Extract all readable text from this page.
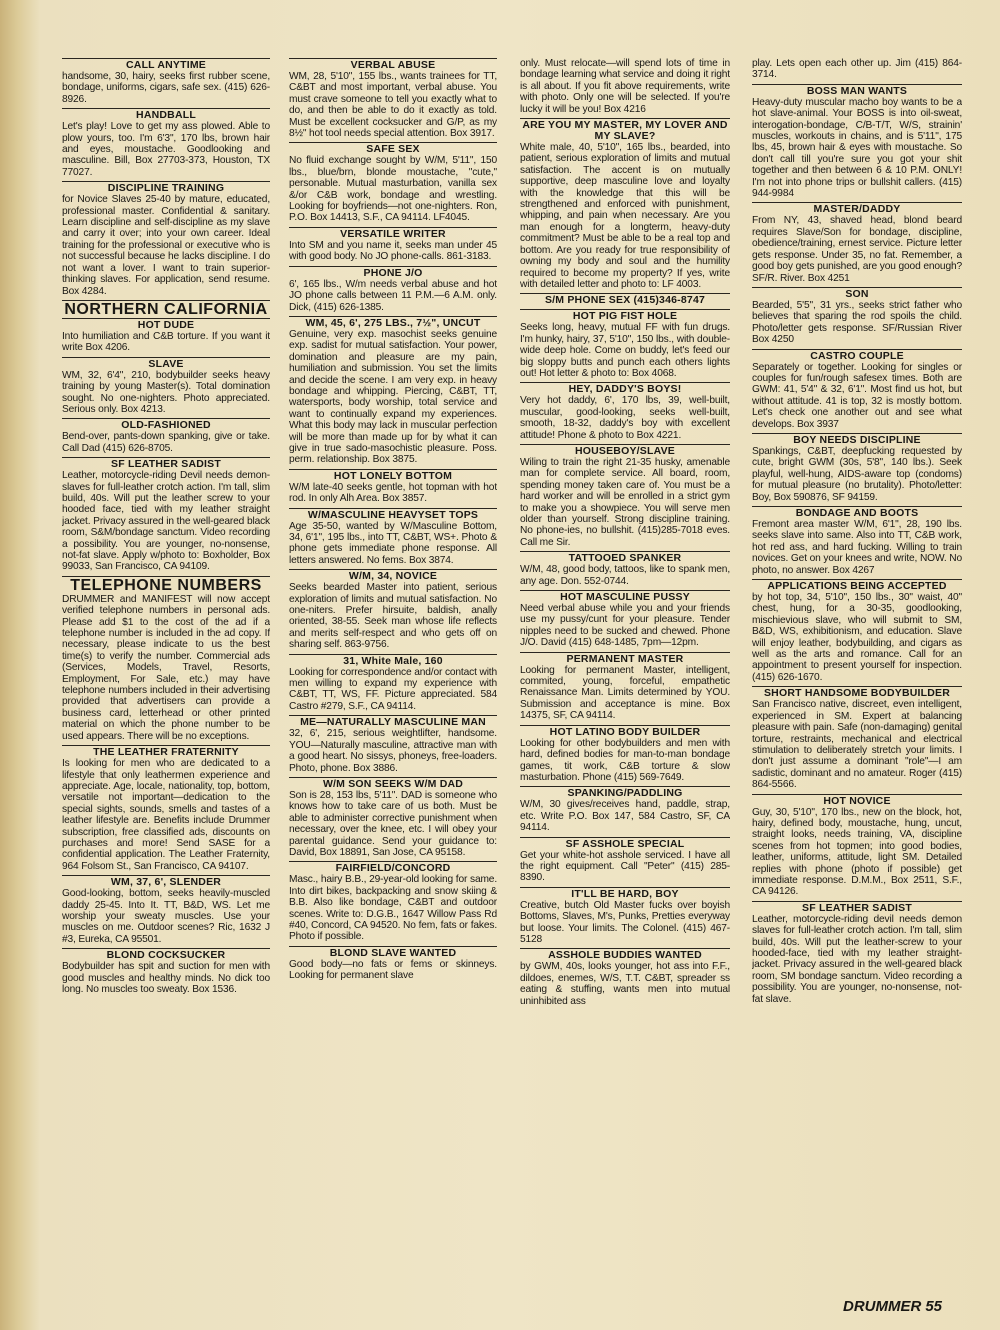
CALL ANYTIME
handsome, 30, hairy, seeks first rubber scene, bondage, uniforms, cigars, safe sex. (415) 626-8926.
HANDBALL
Let's play! Love to get my ass plowed. Able to plow yours, too. I'm 6'3", 170 lbs, brown hair and eyes, moustache. Goodlooking and masculine. Bill, Box 27703-373, Houston, TX 77027.
DISCIPLINE TRAINING
for Novice Slaves 25-40 by mature, educated, professional master. Confidential & sanitary. Learn discipline and self-discipline as my slave and carry it over; into your own career. Ideal training for the professional or executive who is not successful because he lacks discipline. I do not want a lover. I want to train superior-thinking slaves. For application, send resume. Box 4284.
NORTHERN CALIFORNIA
HOT DUDE
Into humiliation and C&B torture. If you want it write Box 4206.
SLAVE
WM, 32, 6'4", 210, bodybuilder seeks heavy training by young Master(s). Total domination sought. No one-nighters. Photo appreciated. Serious only. Box 4213.
OLD-FASHIONED
Bend-over, pants-down spanking, give or take. Call Dad (415) 626-8705.
SF LEATHER SADIST
Leather, motorcycle-riding Devil needs demon-slaves for full-leather crotch action. I'm tall, slim build, 40s. Will put the leather screw to your hooded face, tied with my leather straight jacket. Privacy assured in the well-geared black room, S&M/bondage sanctum. Video recording a possibility. You are younger, no-nonsense, not-fat slave. Apply w/photo to: Boxholder, Box 99033, San Francisco, CA 94109.
TELEPHONE NUMBERS
DRUMMER and MANIFEST will now accept verified telephone numbers in personal ads. Please add $1 to the cost of the ad if a telephone number is included in the ad copy. If necessary, please indicate to us the best time(s) to verify the number. Commercial ads (Services, Models, Travel, Resorts, Employment, For Sale, etc.) may have telephone numbers included in their advertising provided that advertisers can provide a business card, letterhead or other printed material on which the phone number to be used appears. There will be no exceptions.
THE LEATHER FRATERNITY
Is looking for men who are dedicated to a lifestyle that only leathermen experience and appreciate. Age, locale, nationality, top, bottom, versatile not important—dedication to the special sights, sounds, smells and tastes of a leather lifestyle are. Benefits include Drummer subscription, free classified ads, discounts on purchases and more! Send SASE for a confidential application. The Leather Fraternity, 964 Folsom St., San Francisco, CA 94107.
WM, 37, 6', SLENDER
Good-looking, bottom, seeks heavily-muscled daddy 25-45. Into It. TT, B&D, WS. Let me worship your sweaty muscles. Use your muscles on me. Outdoor scenes? Ric, 1632 J #3, Eureka, CA 95501.
BLOND COCKSUCKER
Bodybuilder has spit and suction for men with good muscles and healthy minds. No dick too long. No muscles too sweaty. Box 1536.
VERBAL ABUSE
WM, 28, 5'10", 155 lbs., wants trainees for TT, C&BT and most important, verbal abuse. You must crave someone to tell you exactly what to do, and then be able to do it exactly as told. Must be excellent cocksucker and G/P, as my 8½" hot tool needs special attention. Box 3917.
SAFE SEX
No fluid exchange sought by W/M, 5'11", 150 lbs., blue/brn, blonde moustache, "cute," personable. Mutual masturbation, vanilla sex &/or C&B work, bondage and wrestling. Looking for boyfriends—not one-nighters. Ron, P.O. Box 14413, S.F., CA 94114. LF4045.
VERSATILE WRITER
Into SM and you name it, seeks man under 45 with good body. No JO phone-calls. 861-3183.
PHONE J/O
6', 165 lbs., W/m needs verbal abuse and hot JO phone calls between 11 P.M.—6 A.M. only. Dick, (415) 626-1385.
WM, 45, 6', 275 LBS., 7½", UNCUT
Genuine, very exp. masochist seeks genuine exp. sadist for mutual satisfaction. Your power, domination and pleasure are my pain, humiliation and submission. You set the limits and decide the scene. I am very exp. in heavy bondage and whipping. Piercing, C&BT, TT, watersports, body worship, total service and want to continually expand my experiences. What this body may lack in muscular perfection will be more than made up for by what it can give in true sado-masochistic pleasure. Poss. perm. relationship. Box 3875.
HOT LONELY BOTTOM
W/M late-40 seeks gentle, hot topman with hot rod. In only Alh Area. Box 3857.
W/MASCULINE HEAVYSET TOPS
Age 35-50, wanted by W/Masculine Bottom, 34, 6'1", 195 lbs., into TT, C&BT, WS+. Photo & phone gets immediate phone response. All letters answered. No fems. Box 3874.
W/M, 34, NOVICE
Seeks bearded Master into patient, serious exploration of limits and mutual satisfaction. No one-niters. Prefer hirsuite, baldish, anally oriented, 38-55. Seek man whose life reflects and merits self-respect and who gets off on sharing self. 863-9756.
31, White Male, 160
Looking for correspondence and/or contact with men willing to expand my experience with C&BT, TT, WS, FF. Picture appreciated. 584 Castro #279, S.F., CA 94114.
ME—NATURALLY MASCULINE MAN
32, 6', 215, serious weightlifter, handsome. YOU—Naturally masculine, attractive man with a good heart. No sissys, phoneys, free-loaders. Photo, phone. Box 3886.
W/M SON SEEKS W/M DAD
Son is 28, 153 lbs, 5'11". DAD is someone who knows how to take care of us both. Must be able to administer corrective punishment when necessary, over the knee, etc. I will obey your parental guidance. Send your guidance to: David, Box 18891, San Jose, CA 95158.
FAIRFIELD/CONCORD
Masc., hairy B.B., 29-year-old looking for same. Into dirt bikes, backpacking and snow skiing & B.B. Also like bondage, C&BT and outdoor scenes. Write to: D.G.B., 1647 Willow Pass Rd #40, Concord, CA 94520. No fem, fats or fakes. Photo if possible.
BLOND SLAVE WANTED
Good body—no fats or fems or skinneys. Looking for permanent slave
only. Must relocate—will spend lots of time in bondage learning what service and doing it right is all about. If you fit above requirements, write with photo. Only one will be selected. If you're lucky it will be you! Box 4216
ARE YOU MY MASTER, MY LOVER AND MY SLAVE?
White male, 40, 5'10", 165 lbs., bearded, into patient, serious exploration of limits and mutual satisfaction. The accent is on mutually supportive, deep masculine love and loyalty with the knowledge that this will be strengthened and enforced with punishment, whipping, and pain when necessary. Are you man enough for a longterm, heavy-duty commitment? Must be able to be a real top and bottom. Are you ready for true responsibility of owning my body and soul and the humility required to become my property? If yes, write with detailed letter and photo to: LF 4003.
S/M PHONE SEX (415)346-8747
HOT PIG FIST HOLE
Seeks long, heavy, mutual FF with fun drugs. I'm hunky, hairy, 37, 5'10", 150 lbs., with double-wide deep hole. Come on buddy, let's feed our big sloppy butts and punch each others lights out! Hot letter & photo to: Box 4068.
HEY, DADDY'S BOYS!
Very hot daddy, 6', 170 lbs, 39, well-built, muscular, good-looking, seeks well-built, smooth, 18-32, daddy's boy with excellent attitude! Phone & photo to Box 4221.
HOUSEBOY/SLAVE
Wiling to train the right 21-35 husky, amenable man for complete service. All board, room, spending money taken care of. You must be a hard worker and will be enrolled in a strict gym to make you a showpiece. You will serve men older than yourself. Strong discipline training. No phone-ies, no bullshit. (415)285-7018 eves. Call me Sir.
TATTOOED SPANKER
W/M, 48, good body, tattoos, like to spank men, any age. Don. 552-0744.
HOT MASCULINE PUSSY
Need verbal abuse while you and your friends use my pussy/cunt for your pleasure. Tender nipples need to be sucked and chewed. Phone J/O. David (415) 648-1485, 7pm—12pm.
PERMANENT MASTER
Looking for permanent Master, intelligent, commited, young, forceful, empathetic Renaissance Man. Limits determined by YOU. Submission and acceptance is mine. Box 14375, SF, CA 94114.
HOT LATINO BODY BUILDER
Looking for other bodybuilders and men with hard, defined bodies for man-to-man bondage games, tit work, C&B torture & slow masturbation. Phone (415) 569-7649.
SPANKING/PADDLING
W/M, 30 gives/receives hand, paddle, strap, etc. Write P.O. Box 147, 584 Castro, SF, CA 94114.
SF ASSHOLE SPECIAL
Get your white-hot asshole serviced. I have all the right equipment. Call "Peter" (415) 285-8390.
IT'LL BE HARD, BOY
Creative, butch Old Master fucks over boyish Bottoms, Slaves, M's, Punks, Pretties everyway but loose. Your limits. The Colonel. (415) 467-5128
ASSHOLE BUDDIES WANTED
by GWM, 40s, looks younger, hot ass into F.F., dildoes, enemes, W/S, T.T. C&BT, spreader ss eating & stuffing, wants men into mutual uninhibited ass
play. Lets open each other up. Jim (415) 864-3714.
BOSS MAN WANTS
Heavy-duty muscular macho boy wants to be a hot slave-animal. Your BOSS is into oil-sweat, interogation-bondage, C/B-T/T, W/S, strainin' muscles, workouts in chains, and is 5'11", 175 lbs, 45, brown hair & eyes with moustache. So don't call till you're sure you got your shit together and then between 6 & 10 P.M. ONLY! I'm not into phone trips or bullshit callers. (415) 944-9984
MASTER/DADDY
From NY, 43, shaved head, blond beard requires Slave/Son for bondage, discipline, obedience/training, ernest service. Picture letter gets response. Under 35, no fat. Remember, a good boy gets punished, are you good enough? SF/R. River. Box 4251
SON
Bearded, 5'5", 31 yrs., seeks strict father who believes that sparing the rod spoils the child. Photo/letter gets response. SF/Russian River Box 4250
CASTRO COUPLE
Separately or together. Looking for singles or couples for fun/rough safesex times. Both are GWM: 41, 5'4" & 32, 6'1". Most find us hot, but without attitude. 41 is top, 32 is mostly bottom. Let's check one another out and see what develops. Box 3937
BOY NEEDS DISCIPLINE
Spankings, C&BT, deepfucking requested by cute, bright GWM (30s, 5'8", 140 lbs.). Seek playful, well-hung, AIDS-aware top (condoms) for mutual pleasure (no brutality). Photo/letter: Boy, Box 590876, SF 94159.
BONDAGE AND BOOTS
Fremont area master W/M, 6'1", 28, 190 lbs. seeks slave into same. Also into TT, C&B work, hot red ass, and hard fucking. Willing to train novices. Get on your knees and write, NOW. No photo, no answer. Box 4267
APPLICATIONS BEING ACCEPTED
by hot top, 34, 5'10", 150 lbs., 30" waist, 40" chest, hung, for a 30-35, goodlooking, mischievious slave, who will submit to SM, B&D, WS, exhibitionism, and education. Slave will enjoy leather, bodybuilding, and cigars as well as the arts and romance. Call for an appointment to present yourself for inspection. (415) 626-1670.
SHORT HANDSOME BODYBUILDER
San Francisco native, discreet, even intelligent, experienced in SM. Expert at balancing pleasure with pain. Safe (non-damaging) genital torture, restraints, mechanical and electrical stimulation to deliberately stretch your limits. I don't just assume a dominant "role"—I am sadistic, dominant and no amateur. Roger (415) 864-5566.
HOT NOVICE
Guy, 30, 5'10", 170 lbs., new on the block, hot, hairy, defined body, moustache, hung, uncut, straight looks, needs training, VA, discipline scenes from hot topmen; into good bodies, leather, uniforms, attitude, light SM. Detailed replies with phone (photo if possible) get immediate response. D.M.M., Box 2511, S.F., CA 94126.
SF LEATHER SADIST
Leather, motorcycle-riding devil needs demon slaves for full-leather crotch action. I'm tall, slim build, 40s. Will put the leather-screw to your hooded-face, tied with my leather straight-jacket. Privacy assured in the well-geared black room, SM bondage sanctum. Video recording a possibility. You are younger, no-nonsense, not-fat slave.
DRUMMER 55
